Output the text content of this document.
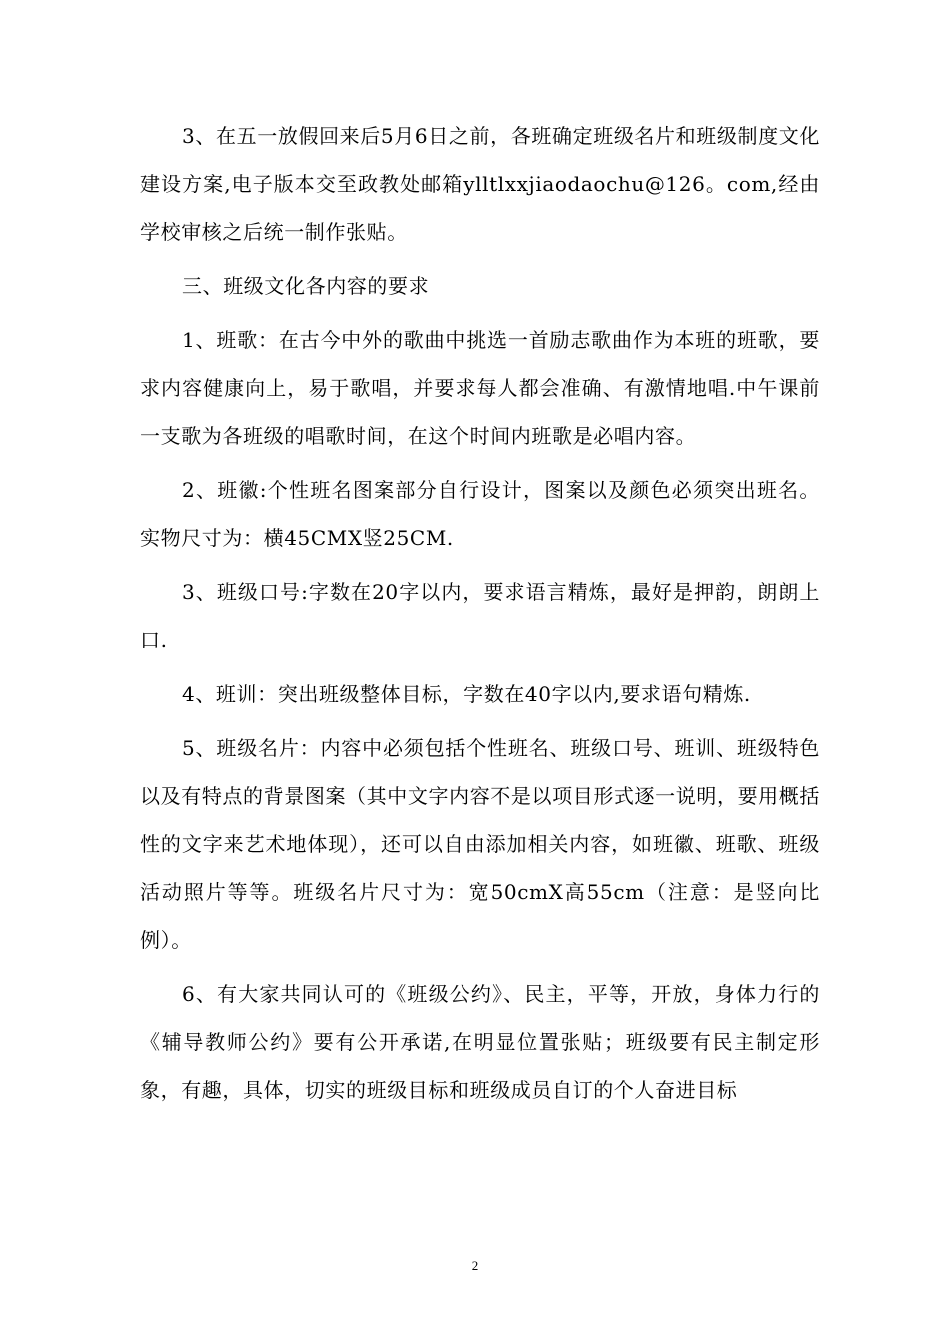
3、在五一放假回来后5月6日之前，各班确定班级名片和班级制度文化建设方案,电子版本交至政教处邮箱ylltlxxjiaodaochu@126。com,经由学校审核之后统一制作张贴。

三、班级文化各内容的要求

1、班歌：在古今中外的歌曲中挑选一首励志歌曲作为本班的班歌，要求内容健康向上，易于歌唱，并要求每人都会准确、有激情地唱.中午课前一支歌为各班级的唱歌时间，在这个时间内班歌是必唱内容。

2、班徽:个性班名图案部分自行设计，图案以及颜色必须突出班名。实物尺寸为：横45CMX竖25CM.

3、班级口号:字数在20字以内，要求语言精炼，最好是押韵，朗朗上口.

4、班训：突出班级整体目标，字数在40字以内,要求语句精炼.

5、班级名片：内容中必须包括个性班名、班级口号、班训、班级特色以及有特点的背景图案（其中文字内容不是以项目形式逐一说明，要用概括性的文字来艺术地体现），还可以自由添加相关内容，如班徽、班歌、班级活动照片等等。班级名片尺寸为：宽50cmX高55cm（注意：是竖向比例）。

6、有大家共同认可的《班级公约》、民主，平等，开放，身体力行的《辅导教师公约》要有公开承诺,在明显位置张贴；班级要有民主制定形象，有趣，具体，切实的班级目标和班级成员自订的个人奋进目标

2
